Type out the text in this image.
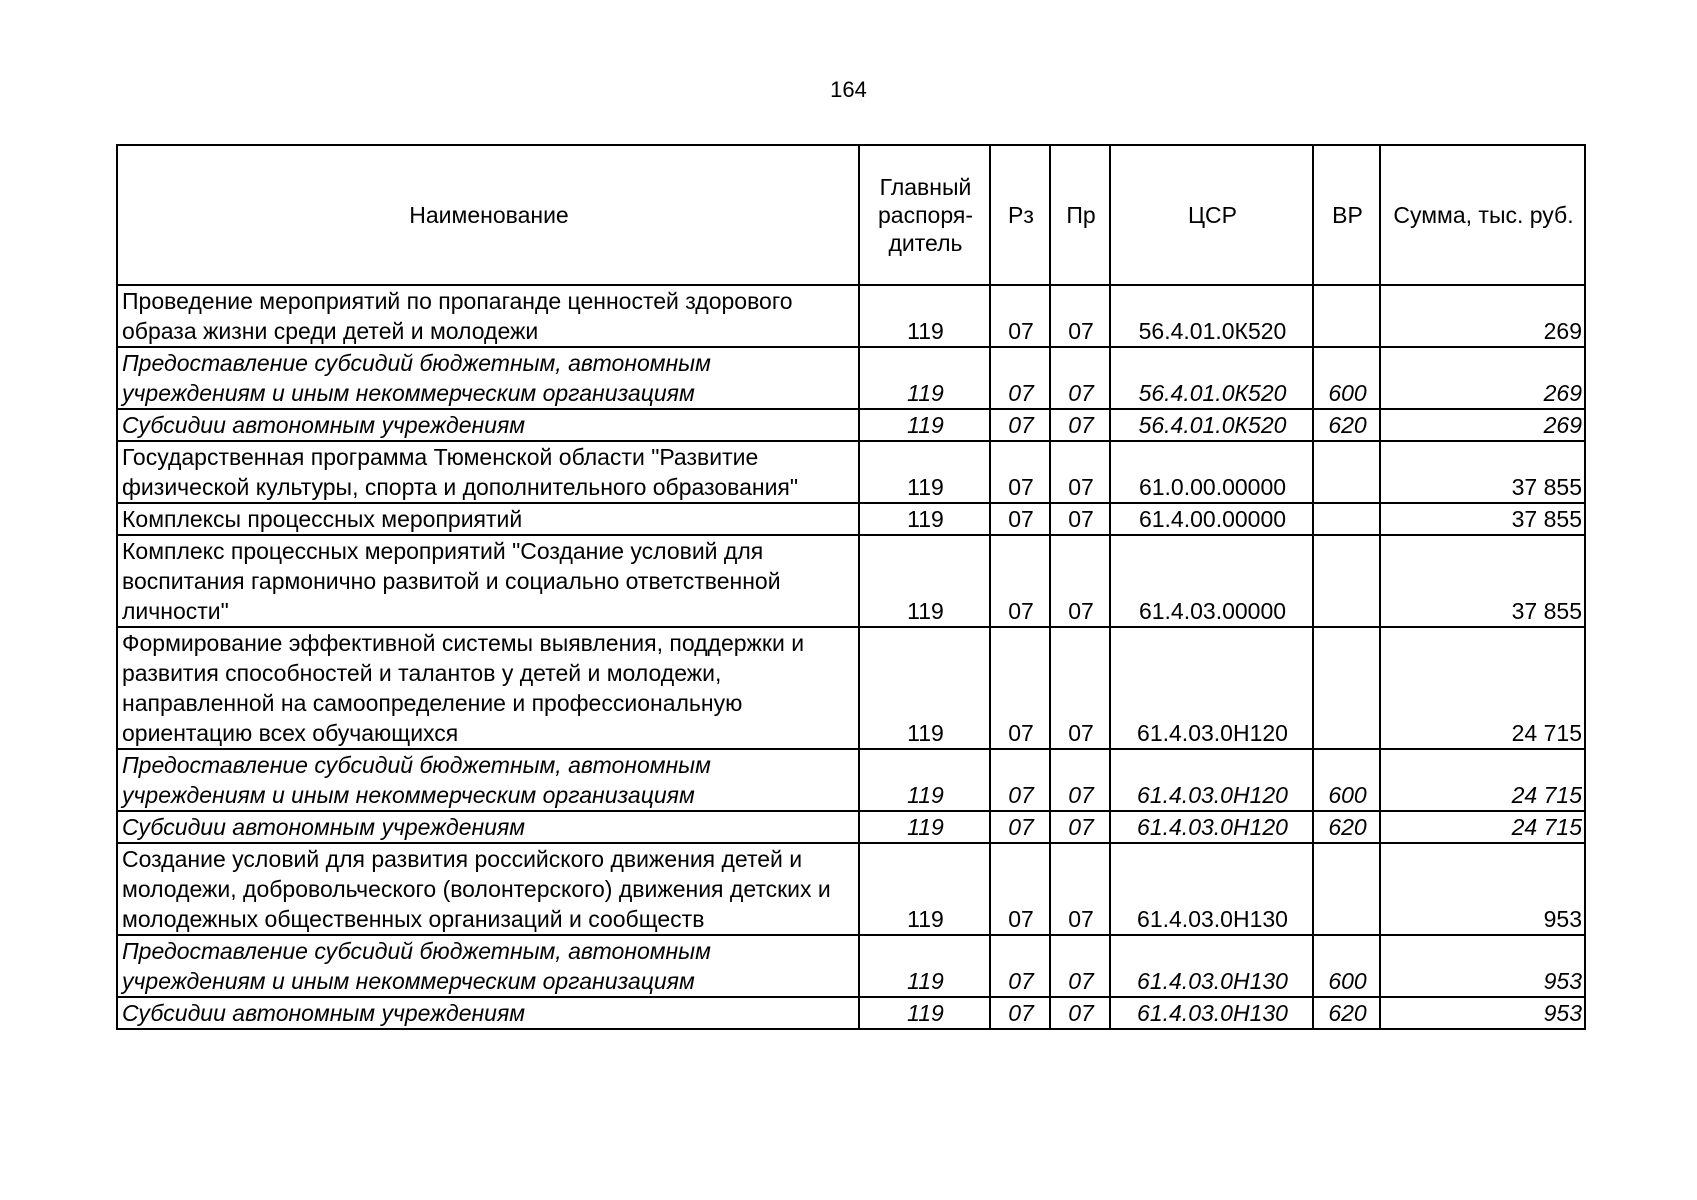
164
Наименование	Главный распоря- дитель	Рз	Пр	ЦСР	ВР	Сумма, тыс. руб.
Проведение мероприятий по пропаганде ценностей здорового образа жизни среди детей и молодежи	119	07	07	56.4.01.0К520		269
Предоставление субсидий бюджетным, автономным учреждениям и иным некоммерческим организациям	119	07	07	56.4.01.0К520	600	269
Субсидии автономным учреждениям	119	07	07	56.4.01.0К520	620	269
Государственная программа Тюменской области "Развитие физической культуры, спорта и дополнительного образования"	119	07	07	61.0.00.00000		37 855
Комплексы процессных мероприятий	119	07	07	61.4.00.00000		37 855
Комплекс процессных мероприятий "Создание условий для воспитания гармонично развитой и социально ответственной личности"	119	07	07	61.4.03.00000		37 855
Формирование эффективной системы выявления, поддержки и развития способностей и талантов у детей и молодежи, направленной на самоопределение и профессиональную ориентацию всех обучающихся	119	07	07	61.4.03.0Н120		24 715
Предоставление субсидий бюджетным, автономным учреждениям и иным некоммерческим организациям	119	07	07	61.4.03.0Н120	600	24 715
Субсидии автономным учреждениям	119	07	07	61.4.03.0Н120	620	24 715
Создание условий для развития российского движения детей и молодежи, добровольческого (волонтерского) движения детских и молодежных общественных организаций и сообществ	119	07	07	61.4.03.0Н130		953
Предоставление субсидий бюджетным, автономным учреждениям и иным некоммерческим организациям	119	07	07	61.4.03.0Н130	600	953
Субсидии автономным учреждениям	119	07	07	61.4.03.0Н130	620	953
